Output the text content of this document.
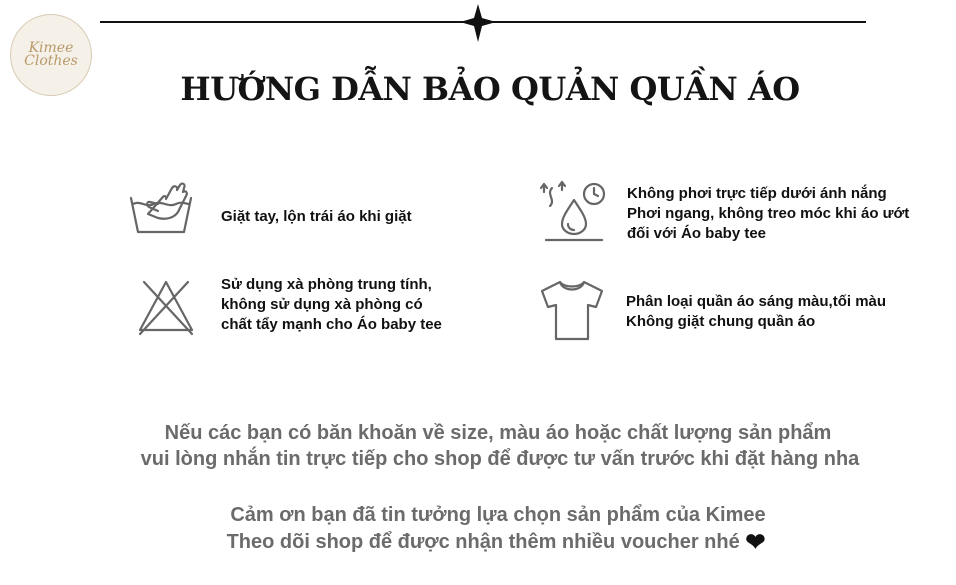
Kimee
Clothes
HƯỚNG DẪN BẢO QUẢN QUẦN ÁO
Giặt tay, lộn trái áo khi giặt
Không phơi trực tiếp dưới ánh nắng
Phơi ngang, không treo móc khi áo ướt
đối với Áo baby tee
Sử dụng xà phòng trung tính,
không sử dụng xà phòng có
chất tẩy mạnh cho Áo baby tee
Phân loại quần áo sáng màu,tối màu
Không giặt chung quần áo
Nếu các bạn có băn khoăn về size, màu áo hoặc chất lượng sản phẩm
vui lòng nhắn tin trực tiếp cho shop để được tư vấn trước khi đặt hàng nha
Cảm ơn bạn đã tin tưởng lựa chọn sản phẩm của Kimee
Theo dõi shop để được nhận thêm nhiều voucher nhé ❤
